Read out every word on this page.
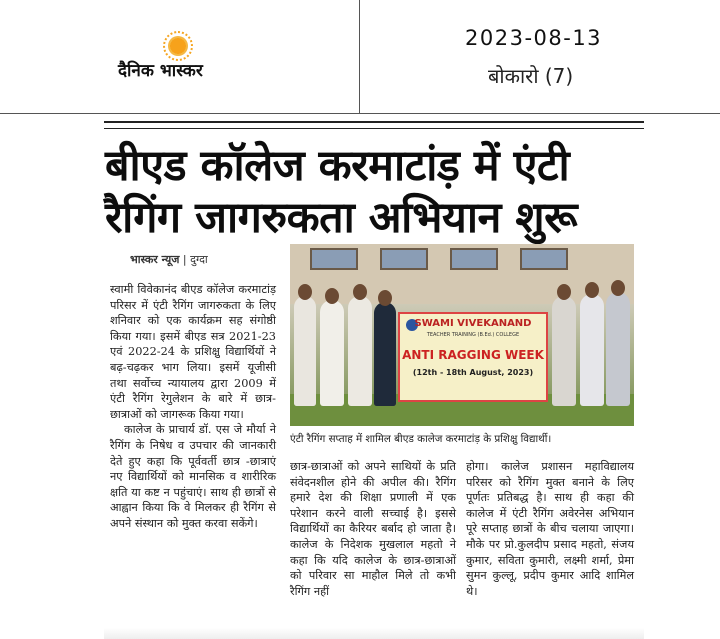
दैनिक भास्कर
2023-08-13
बोकारो (7)
बीएड कॉलेज करमाटांड़ में एंटी रैगिंग जागरुकता अभियान शुरू
भास्कर न्यूज | दुग्दा

स्वामी विवेकानंद बीएड कॉलेज करमाटांड़ परिसर में एंटी रैगिंग जागरुकता के लिए शनिवार को एक कार्यक्रम सह संगोष्ठी किया गया। इसमें बीएड सत्र 2021-23 एवं 2022-24 के प्रशिक्षु विद्यार्थियों ने बढ़-चढ़कर भाग लिया। इसमें यूजीसी तथा सर्वोच्च न्यायालय द्वारा 2009 में एंटी रैगिंग रेगुलेशन के बारे में छात्र-छात्राओं को जागरूक किया गया।

कालेज के प्राचार्य डॉ. एस जे मौर्या ने रैगिंग के निषेध व उपचार की जानकारी देते हुए कहा कि पूर्ववर्ती छात्र -छात्राएं नए विद्यार्थियों को मानसिक व शारीरिक क्षति या कष्ट न पहुंचाएं। साथ ही छात्रों से आह्वान किया कि वे मिलकर ही रैगिंग से अपने संस्थान को मुक्त करवा सकेंगे।

SWAMI VIVEKANAND
TEACHER TRAINING (B.Ed.) COLLEGE
ANTI RAGGING WEEK
(12th - 18th August, 2023)
एंटी रैगिंग सप्ताह में शामिल बीएड कालेज करमाटांड़ के प्रशिक्षु विद्यार्थी।

छात्र-छात्राओं को अपने साथियों के प्रति संवेदनशील होने की अपील की। रैगिंग हमारे देश की शिक्षा प्रणाली में एक परेशान करने वाली सच्चाई है। इससे विद्यार्थियों का कैरियर बर्बाद हो जाता है। कालेज के निदेशक मुखलाल महतो ने कहा कि यदि कालेज के छात्र-छात्राओं को परिवार सा माहौल मिले तो कभी रैगिंग नहीं

होगा। कालेज प्रशासन महाविद्यालय परिसर को रैगिंग मुक्त बनाने के लिए पूर्णतः प्रतिबद्ध है। साथ ही कहा की कालेज में एंटी रैगिंग अवेरनेस अभियान पूरे सप्ताह छात्रों के बीच चलाया जाएगा। मौके पर प्रो.कुलदीप प्रसाद महतो, संजय कुमार, सविता कुमारी, लक्ष्मी शर्मा, प्रेमा सुमन कुल्लू, प्रदीप कुमार आदि शामिल थे।
